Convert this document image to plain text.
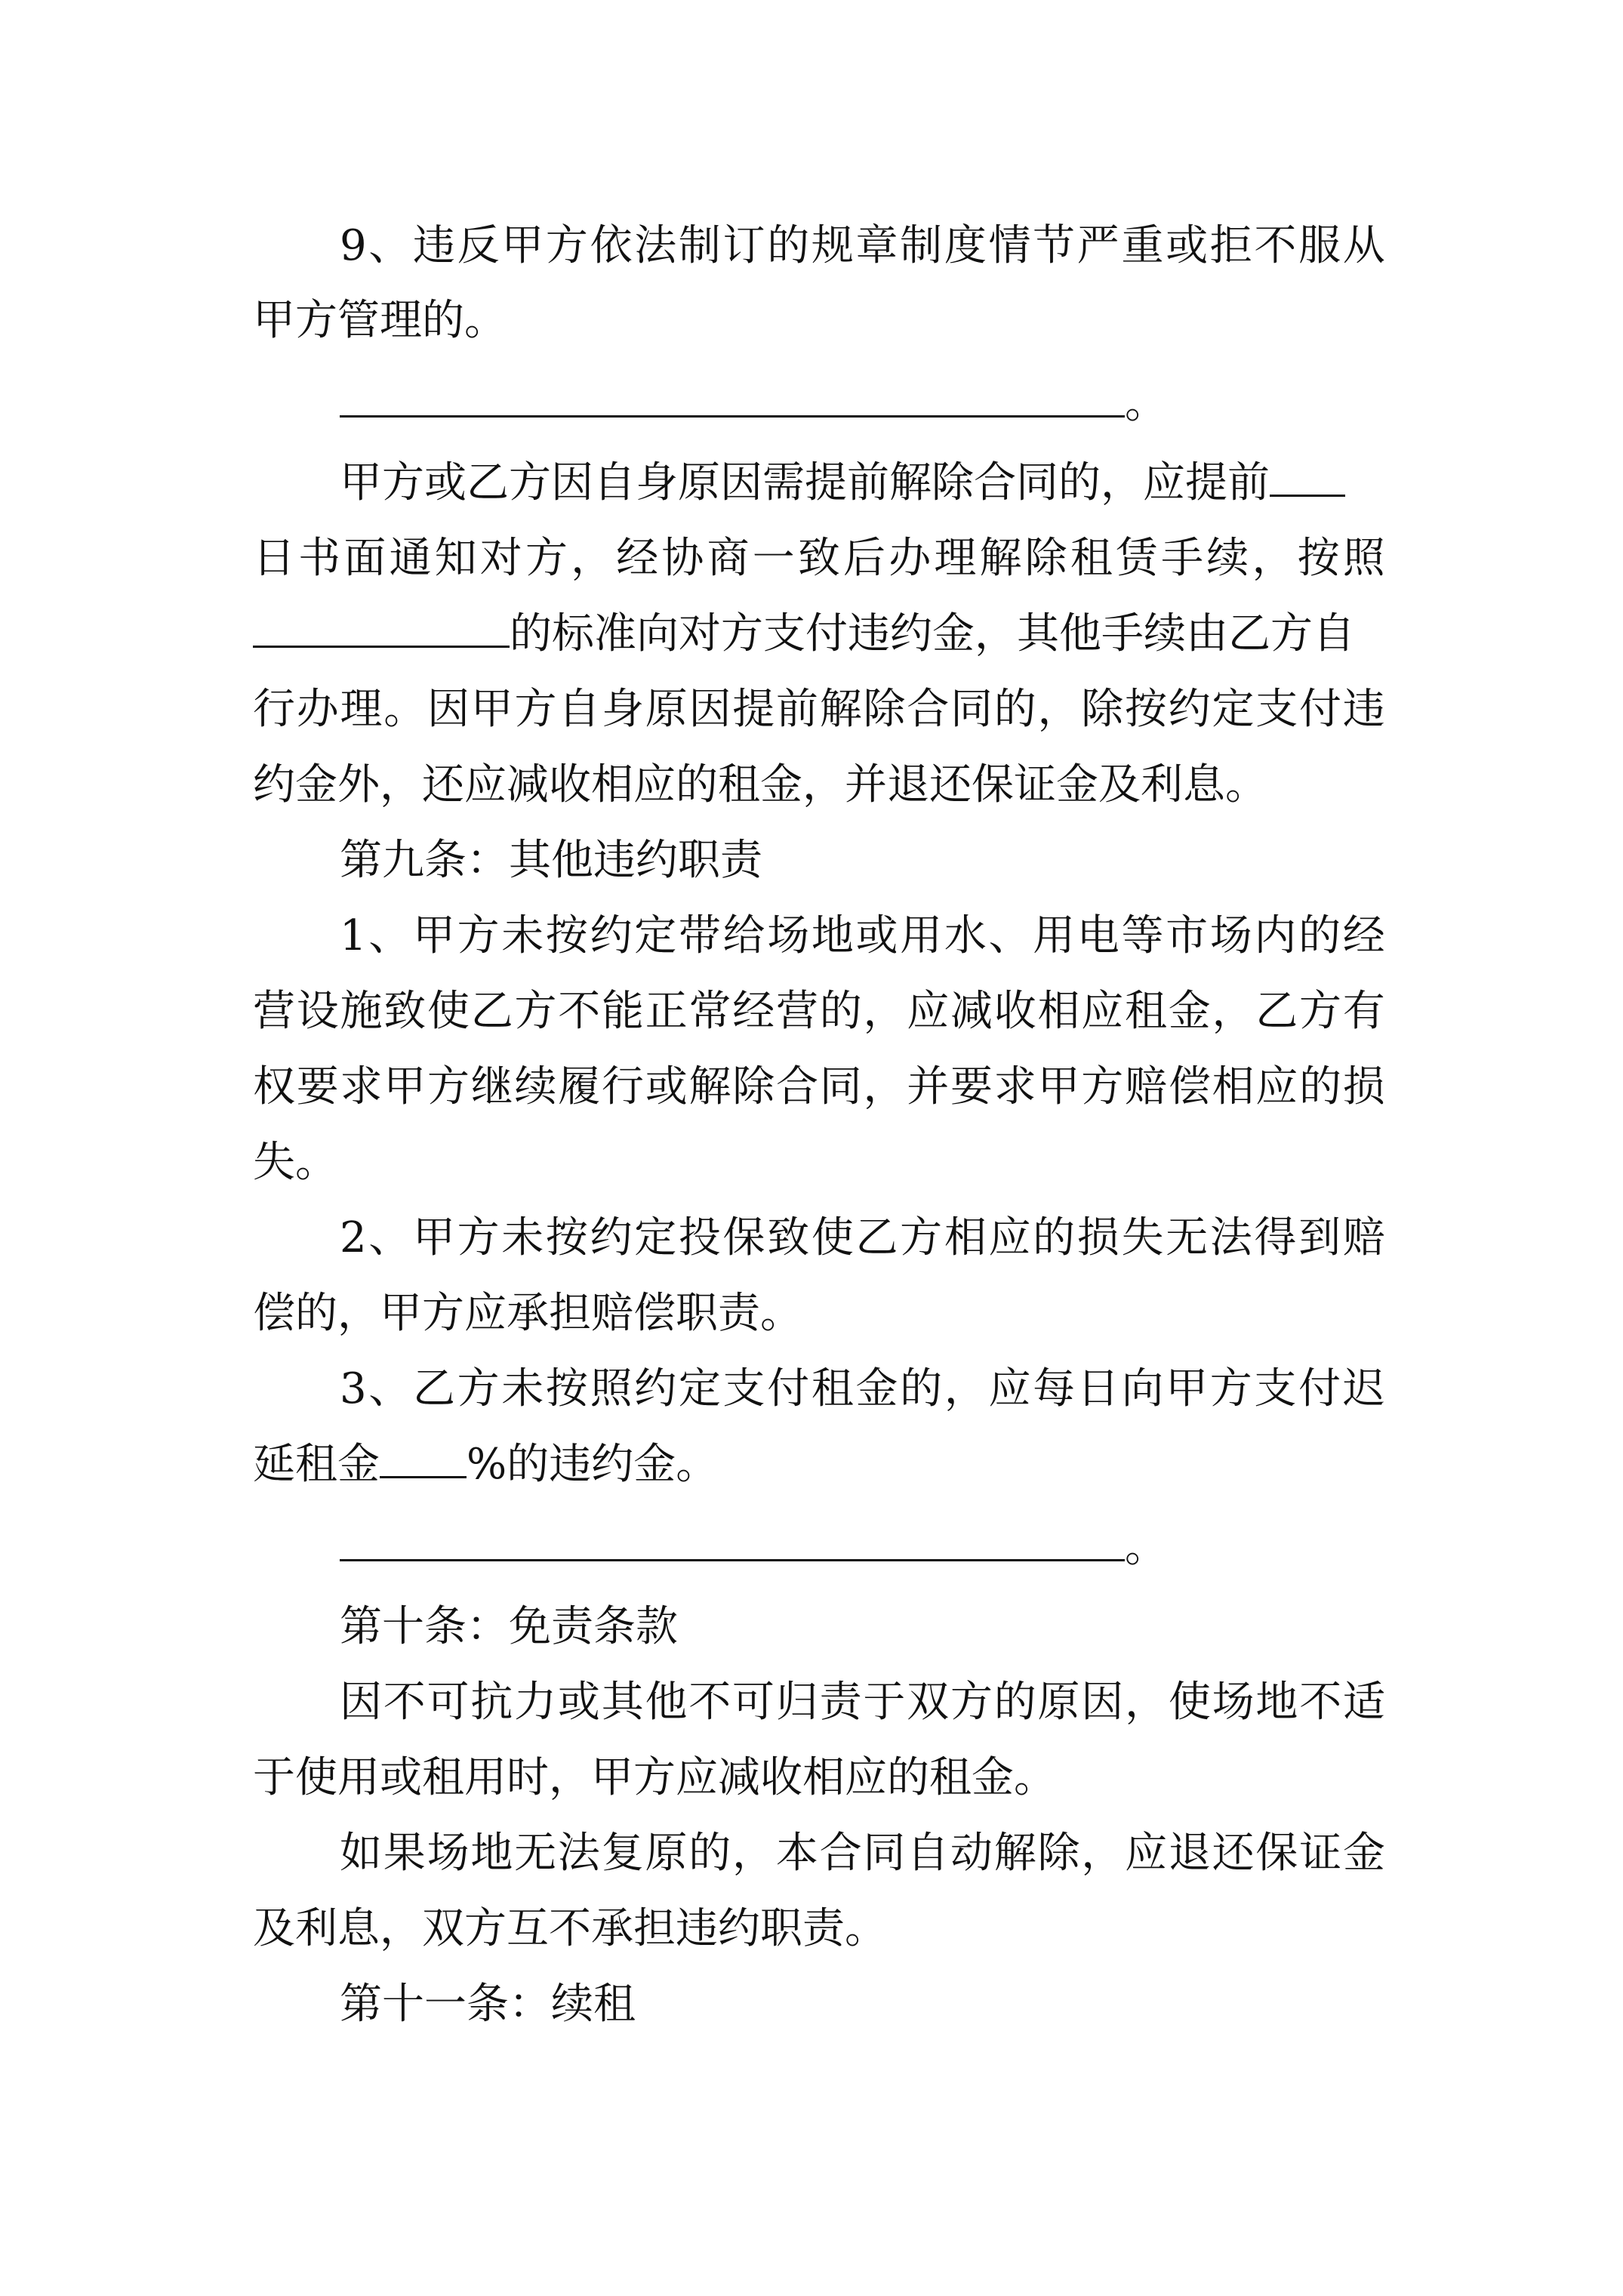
9 、 违 反 甲 方 依 法 制 订 的 规 章 制 度 情 节 严 重 或 拒 不 服 从
甲方管理的。
。
甲方或乙方因自身原因需提前解除合同的，应提前
日 书 面 通 知 对 方 ， 经 协 商 一 致 后 办 理 解 除 租 赁 手 续 ， 按 照
的标准向对方支付违约金，其他手续由乙方自
行 办 理 。 因 甲 方 自 身 原 因 提 前 解 除 合 同 的 ， 除 按 约 定 支 付 违
约金外，还应减收相应的租金，并退还保证金及利息。
第九条：其他违约职责
1 、 甲 方 未 按 约 定 带 给 场 地 或 用 水 、 用 电 等 市 场 内 的 经
营 设 施 致 使 乙 方 不 能 正 常 经 营 的 ， 应 减 收 相 应 租 金 ， 乙 方 有
权 要 求 甲 方 继 续 履 行 或 解 除 合 同 ， 并 要 求 甲 方 赔 偿 相 应 的 损
失。
2 、 甲 方 未 按 约 定 投 保 致 使 乙 方 相 应 的 损 失 无 法 得 到 赔
偿的，甲方应承担赔偿职责。
3 、 乙 方 未 按 照 约 定 支 付 租 金 的 ， 应 每 日 向 甲 方 支 付 迟
延租金 %的违约金。
。
第十条：免责条款
因 不 可 抗 力 或 其 他 不 可 归 责 于 双 方 的 原 因 ， 使 场 地 不 适
于使用或租用时，甲方应减收相应的租金。
如 果 场 地 无 法 复 原 的 ， 本 合 同 自 动 解 除 ， 应 退 还 保 证 金
及利息，双方互不承担违约职责。
第十一条：续租
